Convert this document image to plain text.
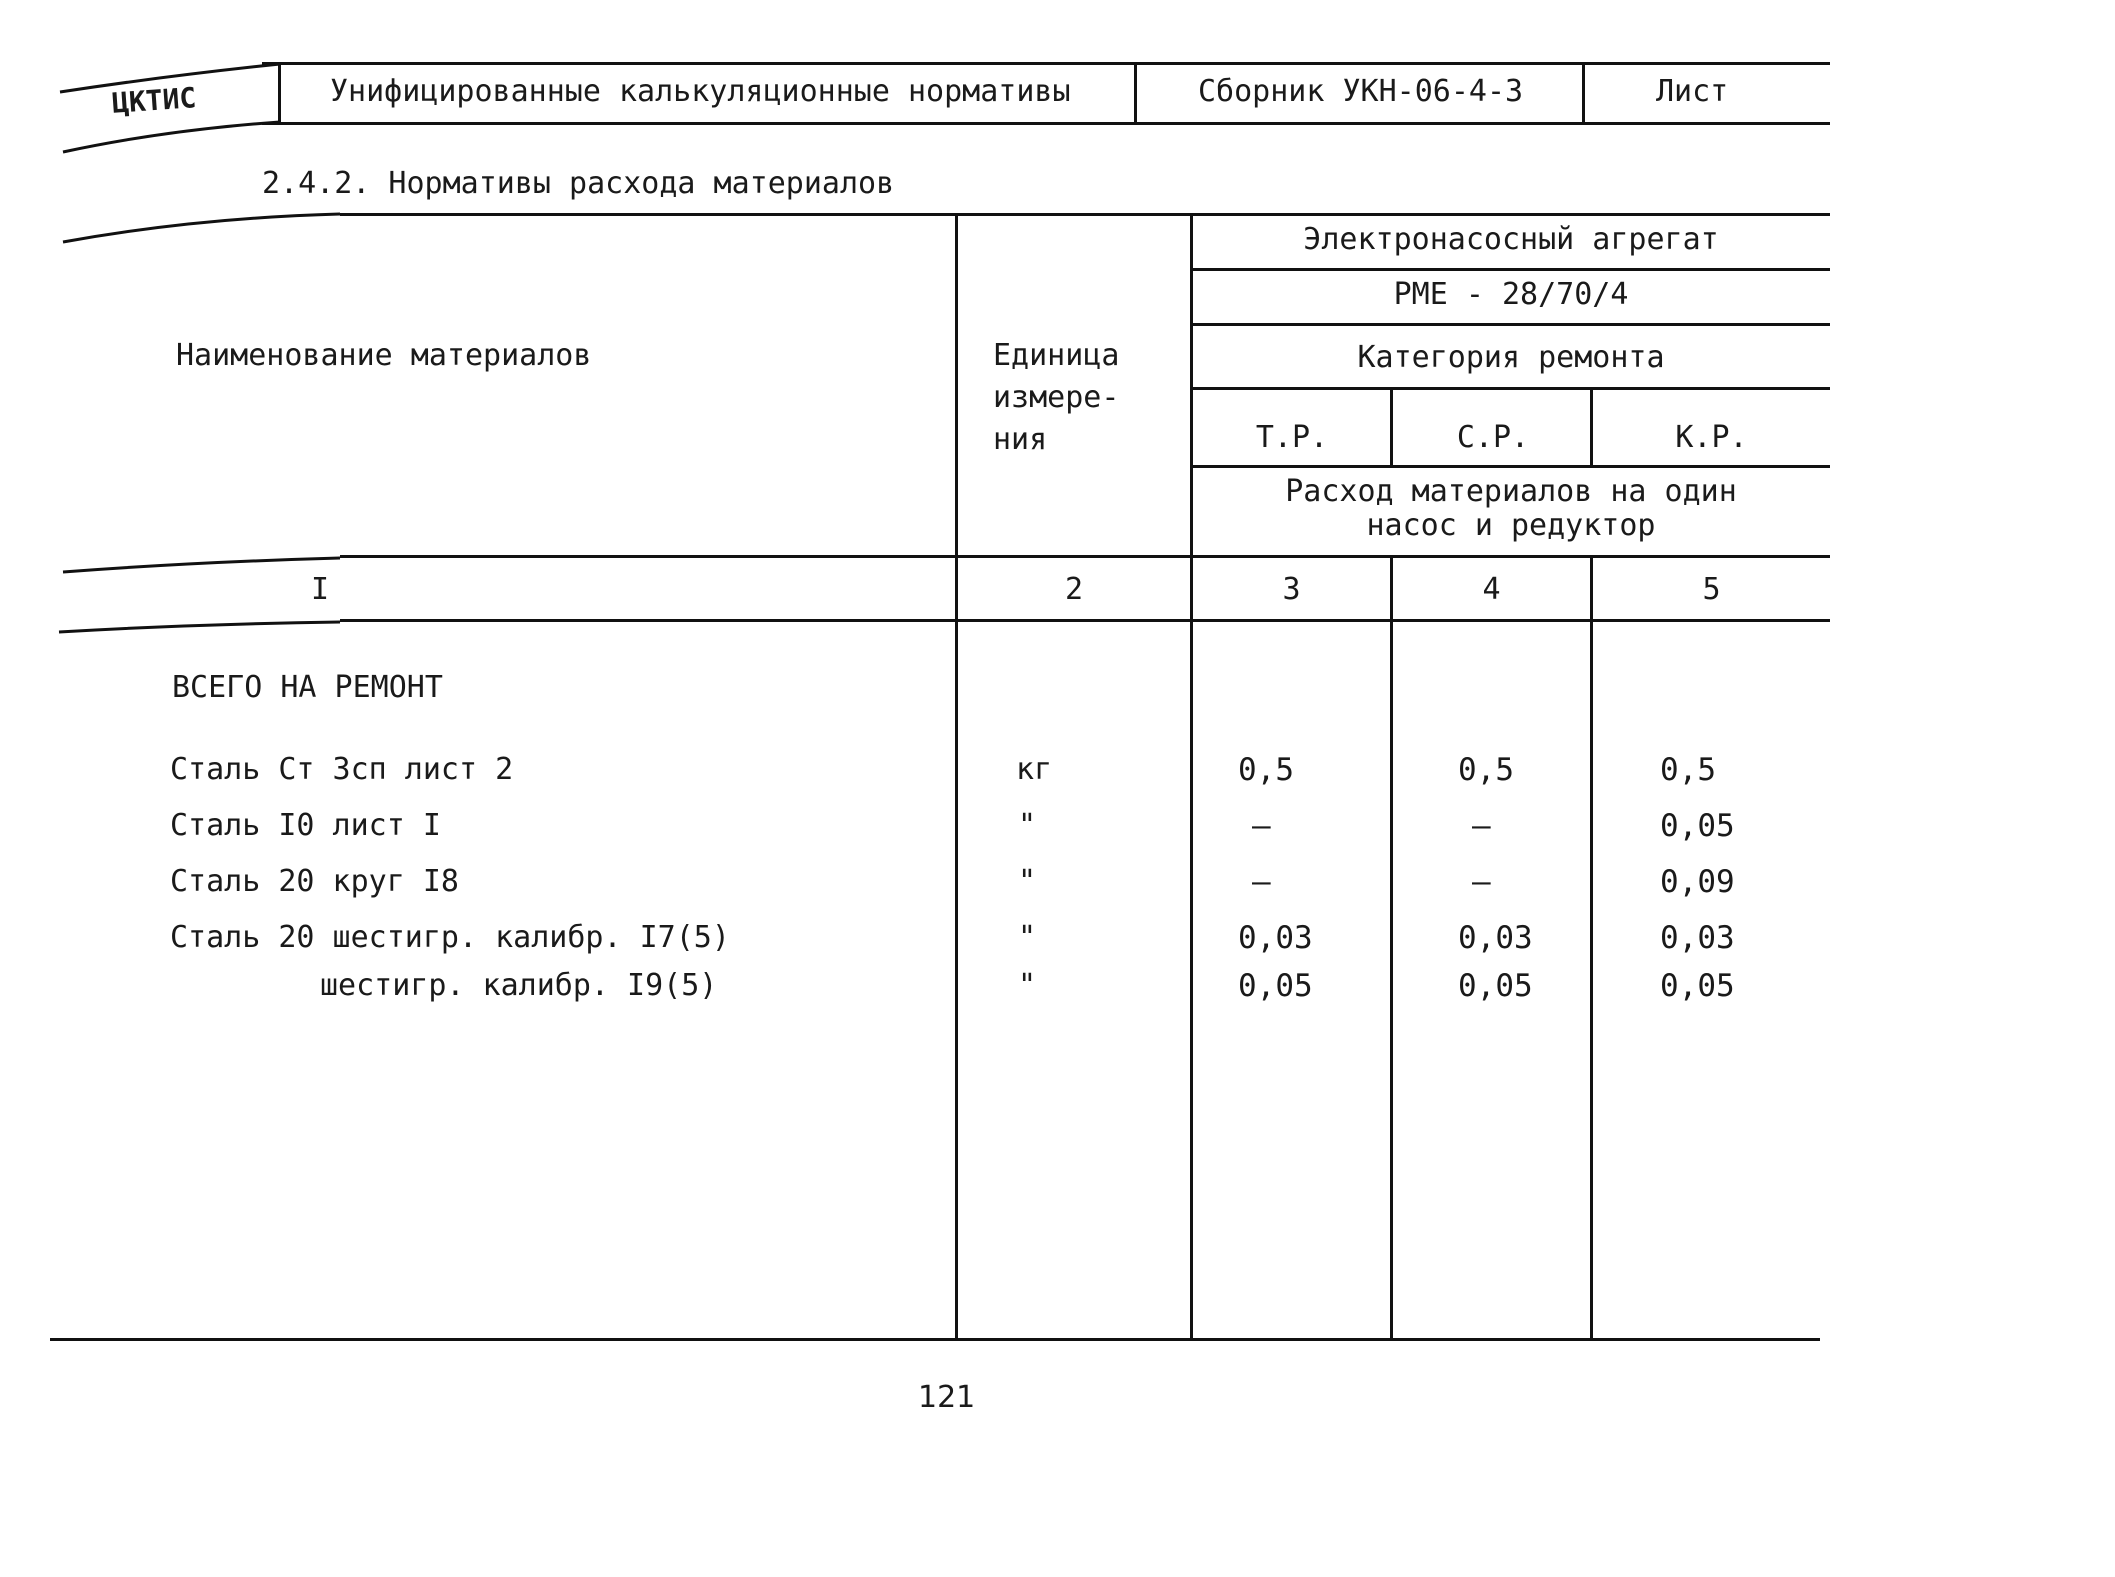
ЦКТИС	Унифицированные калькуляционные нормативы	Сборник УКН-06-4-3	Лист
2.4.2. Нормативы расхода материалов
Наименование материалов	Единица
измере-
ния
Электронасосный агрегат
РМЕ - 28/70/4
Категория ремонта
Т.Р.	С.Р.	К.Р.
Расход материалов на один
насос и редуктор
I	2	3	4	5
ВСЕГО НА РЕМОНТ
Сталь Ст 3сп лист 2	кг	0,5	0,5	0,5
Сталь I0 лист I	"	–	–	0,05
Сталь 20 круг I8	"	–	–	0,09
Сталь 20 шестигр. калибр. I7(5)	"	0,03	0,03	0,03
шестигр. калибр. I9(5)	"	0,05	0,05	0,05
121
